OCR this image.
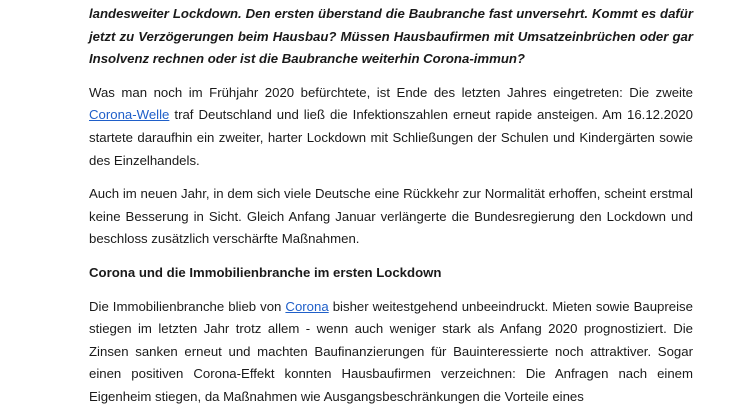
landesweiter Lockdown. Den ersten überstand die Baubranche fast unversehrt. Kommt es dafür jetzt zu Verzögerungen beim Hausbau? Müssen Hausbaufirmen mit Umsatzeinbrüchen oder gar Insolvenz rechnen oder ist die Baubranche weiterhin Corona-immun?

Was man noch im Frühjahr 2020 befürchtete, ist Ende des letzten Jahres eingetreten: Die zweite Corona-Welle traf Deutschland und ließ die Infektionszahlen erneut rapide ansteigen. Am 16.12.2020 startete daraufhin ein zweiter, harter Lockdown mit Schließungen der Schulen und Kindergärten sowie des Einzelhandels.

Auch im neuen Jahr, in dem sich viele Deutsche eine Rückkehr zur Normalität erhoffen, scheint erstmal keine Besserung in Sicht. Gleich Anfang Januar verlängerte die Bundesregierung den Lockdown und beschloss zusätzlich verschärfte Maßnahmen.

Corona und die Immobilienbranche im ersten Lockdown

Die Immobilienbranche blieb von Corona bisher weitestgehend unbeeindruckt. Mieten sowie Baupreise stiegen im letzten Jahr trotz allem - wenn auch weniger stark als Anfang 2020 prognostiziert. Die Zinsen sanken erneut und machten Baufinanzierungen für Bauinteressierte noch attraktiver. Sogar einen positiven Corona-Effekt konnten Hausbaufirmen verzeichnen: Die Anfragen nach einem Eigenheim stiegen, da Maßnahmen wie Ausgangsbeschränkungen die Vorteile eines
